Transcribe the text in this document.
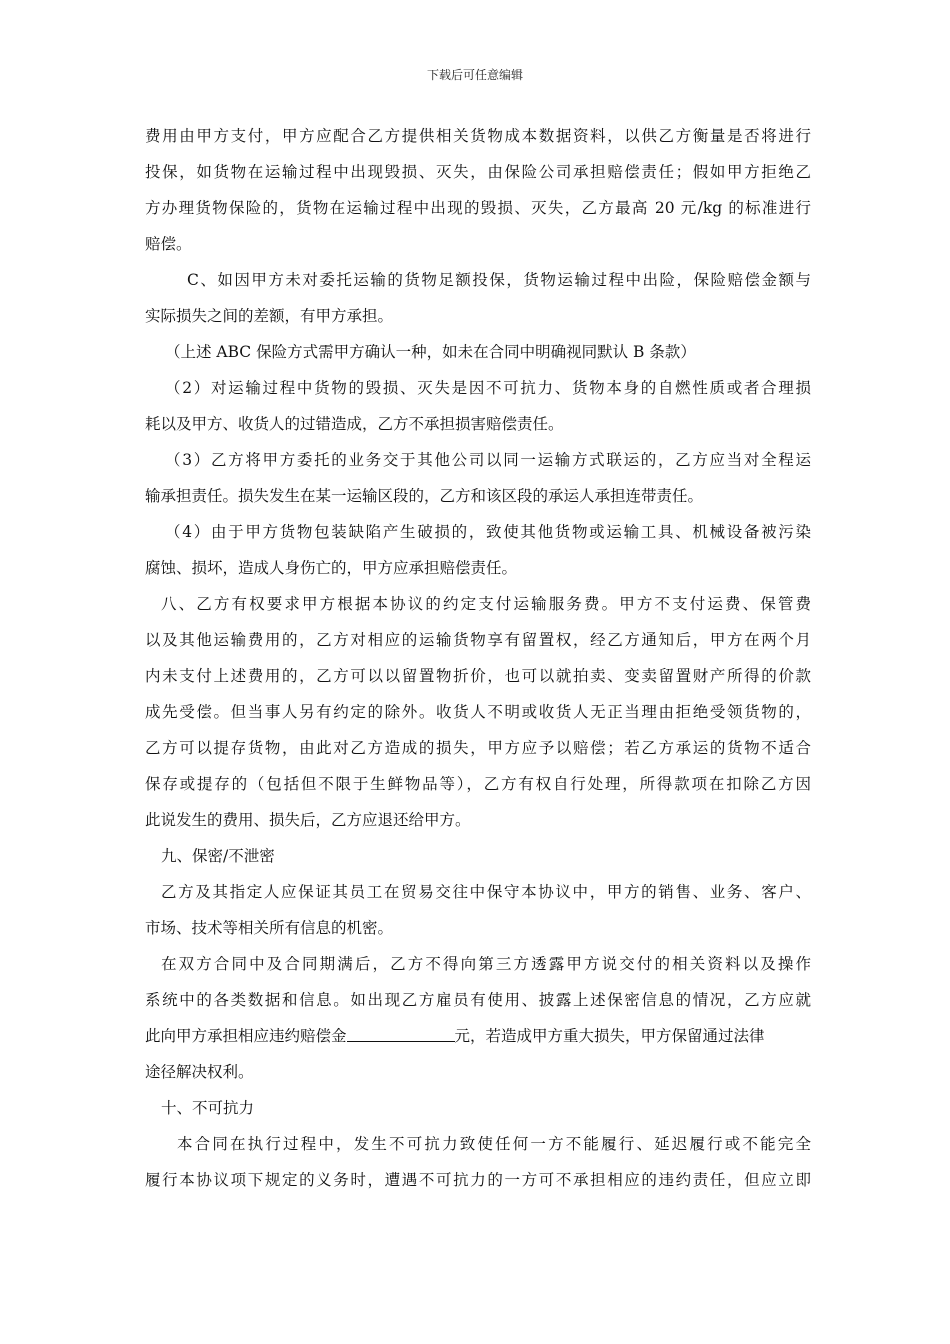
下载后可任意编辑
费用由甲方支付，甲方应配合乙方提供相关货物成本数据资料，以供乙方衡量是否将进行
投保，如货物在运输过程中出现毁损、灭失，由保险公司承担赔偿责任；假如甲方拒绝乙
方办理货物保险的，货物在运输过程中出现的毁损、灭失，乙方最高 20 元/kg 的标准进行
赔偿。
C、如因甲方未对委托运输的货物足额投保，货物运输过程中出险，保险赔偿金额与
实际损失之间的差额，有甲方承担。
（上述 ABC 保险方式需甲方确认一种，如未在合同中明确视同默认 B 条款）
（2）对运输过程中货物的毁损、灭失是因不可抗力、货物本身的自燃性质或者合理损
耗以及甲方、收货人的过错造成，乙方不承担损害赔偿责任。
（3）乙方将甲方委托的业务交于其他公司以同一运输方式联运的，乙方应当对全程运
输承担责任。损失发生在某一运输区段的，乙方和该区段的承运人承担连带责任。
（4）由于甲方货物包装缺陷产生破损的，致使其他货物或运输工具、机械设备被污染
腐蚀、损坏，造成人身伤亡的，甲方应承担赔偿责任。
八、乙方有权要求甲方根据本协议的约定支付运输服务费。甲方不支付运费、保管费
以及其他运输费用的，乙方对相应的运输货物享有留置权，经乙方通知后，甲方在两个月
内未支付上述费用的，乙方可以以留置物折价，也可以就拍卖、变卖留置财产所得的价款
成先受偿。但当事人另有约定的除外。收货人不明或收货人无正当理由拒绝受领货物的，
乙方可以提存货物，由此对乙方造成的损失，甲方应予以赔偿；若乙方承运的货物不适合
保存或提存的（包括但不限于生鲜物品等），乙方有权自行处理，所得款项在扣除乙方因
此说发生的费用、损失后，乙方应退还给甲方。
九、保密/不泄密
乙方及其指定人应保证其员工在贸易交往中保守本协议中，甲方的销售、业务、客户、
市场、技术等相关所有信息的机密。
在双方合同中及合同期满后，乙方不得向第三方透露甲方说交付的相关资料以及操作
系统中的各类数据和信息。如出现乙方雇员有使用、披露上述保密信息的情况，乙方应就
此向甲方承担相应违约赔偿金	元，若造成甲方重大损失，甲方保留通过法律
途径解决权利。
十、不可抗力
本合同在执行过程中，发生不可抗力致使任何一方不能履行、延迟履行或不能完全
履行本协议项下规定的义务时，遭遇不可抗力的一方可不承担相应的违约责任，但应立即
